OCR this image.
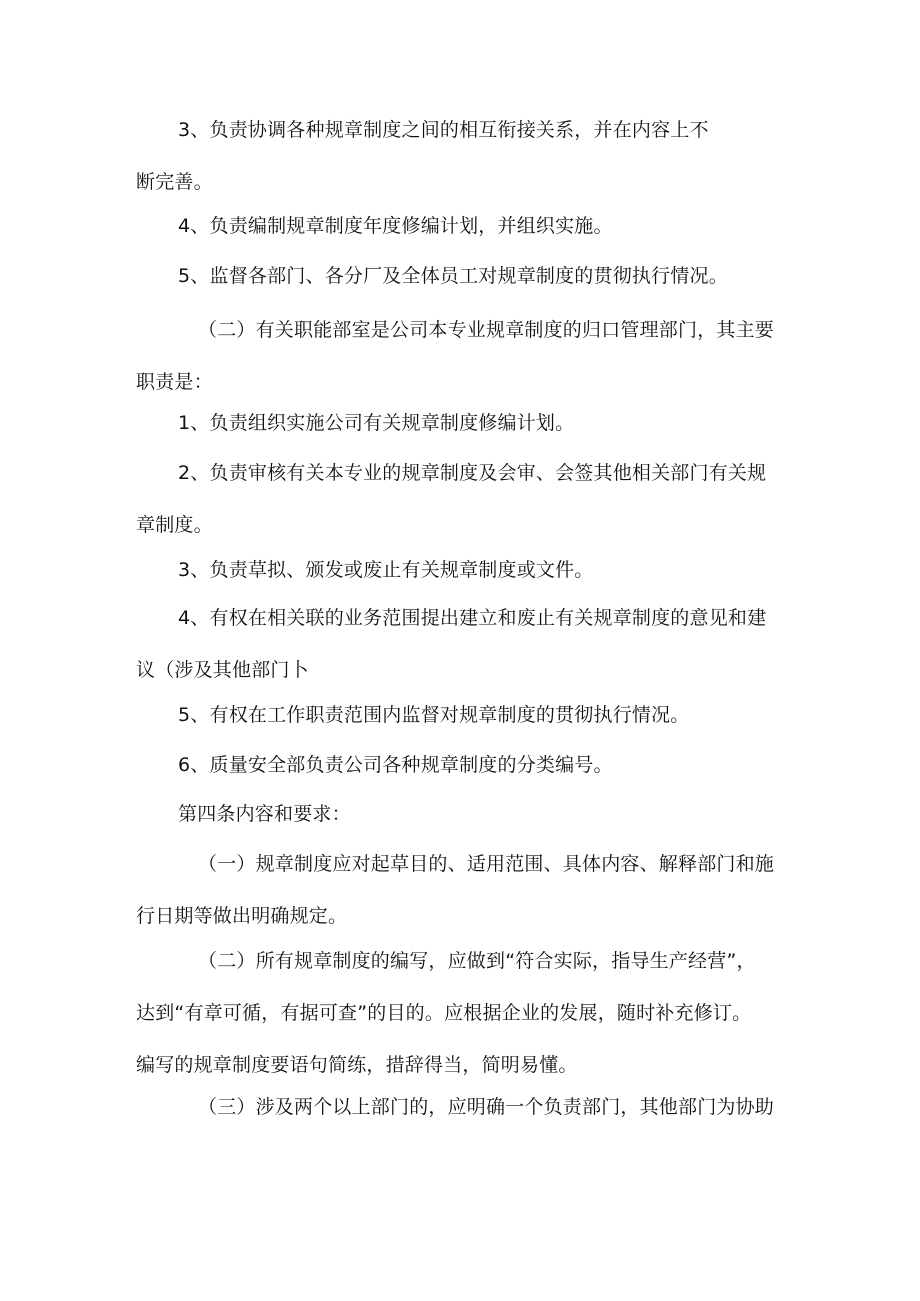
3、负责协调各种规章制度之间的相互衔接关系，并在内容上不
断完善。

4、负责编制规章制度年度修编计划，并组织实施。

5、监督各部门、各分厂及全体员工对规章制度的贯彻执行情况。

（二）有关职能部室是公司本专业规章制度的归口管理部门，其主要
职责是：

1、负责组织实施公司有关规章制度修编计划。

2、负责审核有关本专业的规章制度及会审、会签其他相关部门有关规
章制度。

3、负责草拟、颁发或废止有关规章制度或文件。

4、有权在相关联的业务范围提出建立和废止有关规章制度的意见和建
议（涉及其他部门卜

5、有权在工作职责范围内监督对规章制度的贯彻执行情况。

6、质量安全部负责公司各种规章制度的分类编号。

第四条内容和要求：

（一）规章制度应对起草目的、适用范围、具体内容、解释部门和施
行日期等做出明确规定。

（二）所有规章制度的编写，应做到“符合实际，指导生产经营”，
达到“有章可循，有据可查”的目的。应根据企业的发展，随时补充修订。
编写的规章制度要语句简练，措辞得当，简明易懂。

（三）涉及两个以上部门的，应明确一个负责部门，其他部门为协助
